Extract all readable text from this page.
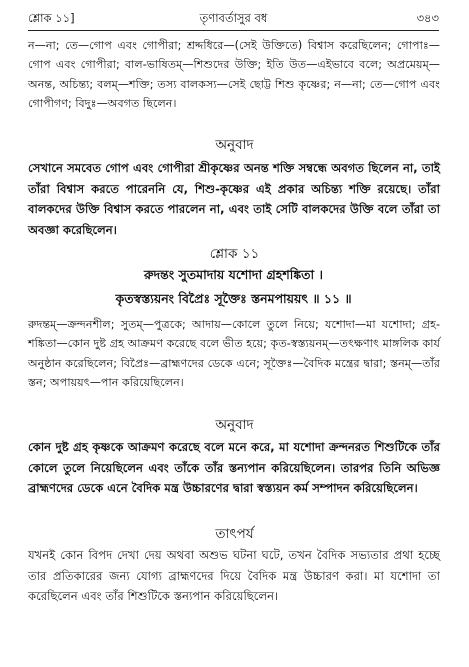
শ্লোক ১১]	তৃণাবর্তাসুর বধ	৩৪৩
ন—না; তে—গোপ এবং গোপীরা; শ্রদ্দধিরে—(সেই উক্তিতে) বিশ্বাস করেছিলেন; গোপাঃ—গোপ এবং গোপীরা; বাল-ভাষিতম্—শিশুদের উক্তি; ইতি উত—এইভাবে বলে; অপ্রমেয়ম্—অনন্ত, অচিন্ত্য; বলম্—শক্তি; তস্য বালকস্য—সেই ছোট্ট শিশু কৃষ্ণের; ন—না; তে—গোপ এবং গোপীগণ; বিদুঃ—অবগত ছিলেন।
অনুবাদ
সেখানে সমবেত গোপ এবং গোপীরা শ্রীকৃষ্ণের অনন্ত শক্তি সম্বন্ধে অবগত ছিলেন না, তাই তাঁরা বিশ্বাস করতে পারেননি যে, শিশু-কৃষ্ণের এই প্রকার অচিন্ত্য শক্তি রয়েছে। তাঁরা বালকদের উক্তি বিশ্বাস করতে পারলেন না, এবং তাই সেটি বালকদের উক্তি বলে তাঁরা তা অবজ্ঞা করেছিলেন।
শ্লোক ১১
রুদন্তং সুতমাদায় যশোদা গ্রহশঙ্কিতা ।
কৃতস্বস্ত্যয়নং বিপ্রৈঃ সূক্তৈঃ স্তনমপায়য়ৎ ॥ ১১ ॥
রুদন্তম্—ক্রন্দনশীল; সুতম্—পুত্রকে; আদায়—কোলে তুলে নিয়ে; যশোদা—মা যশোদা; গ্রহ-শঙ্কিতা—কোন দুষ্ট গ্রহ আক্রমণ করেছে বলে ভীত হয়ে; কৃত-স্বস্ত্যয়নম্—তৎক্ষণাৎ মাঙ্গলিক কার্য অনুষ্ঠান করেছিলেন; বিপ্রৈঃ—ব্রাহ্মণদের ডেকে এনে; সূক্তৈঃ—বৈদিক মন্ত্রের দ্বারা; স্তনম্—তাঁর স্তন; অপায়য়ৎ—পান করিয়েছিলেন।
অনুবাদ
কোন দুষ্ট গ্রহ কৃষ্ণকে আক্রমণ করেছে বলে মনে করে, মা যশোদা ক্রন্দনরত শিশুটিকে তাঁর কোলে তুলে নিয়েছিলেন এবং তাঁকে তাঁর স্তন্যপান করিয়েছিলেন। তারপর তিনি অভিজ্ঞ ব্রাহ্মণদের ডেকে এনে বৈদিক মন্ত্র উচ্চারণের দ্বারা স্বস্ত্যয়ন কর্ম সম্পাদন করিয়েছিলেন।
তাৎপর্য
যখনই কোন বিপদ দেখা দেয় অথবা অশুভ ঘটনা ঘটে, তখন বৈদিক সভ্যতার প্রথা হচ্ছে তার প্রতিকারের জন্য যোগ্য ব্রাহ্মণদের দিয়ে বৈদিক মন্ত্র উচ্চারণ করা। মা যশোদা তা করেছিলেন এবং তাঁর শিশুটিকে স্তন্যপান করিয়েছিলেন।
